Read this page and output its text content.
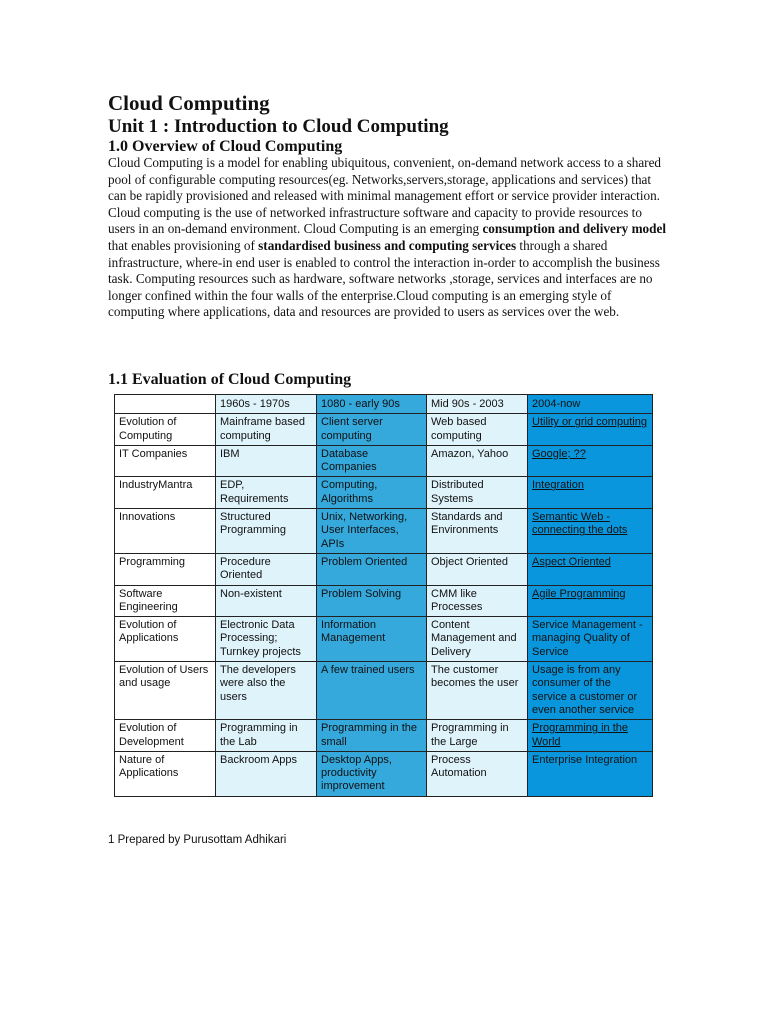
Cloud Computing
Unit 1 : Introduction to Cloud Computing
1.0 Overview of Cloud Computing

Cloud Computing is a model for enabling ubiquitous, convenient, on-demand network access to a shared pool of configurable computing resources(eg. Networks,servers,storage, applications and services) that can be rapidly provisioned and released with minimal management effort or service provider interaction. Cloud computing is the use of networked infrastructure software and capacity to provide resources to users in an on-demand environment. Cloud Computing is an emerging consumption and delivery model that enables provisioning of standardised business and computing services through a shared infrastructure, where-in end user is enabled to control the interaction in-order to accomplish the business task. Computing resources such as hardware, software networks ,storage, services and interfaces are no longer confined within the four walls of the enterprise.Cloud computing is an emerging style of computing where applications, data and resources are provided to users as services over the web.

1.1 Evaluation of Cloud Computing
	1960s - 1970s	1080 - early 90s	Mid 90s - 2003	2004-now
Evolution of Computing	Mainframe based computing	Client server computing	Web based computing	Utility or grid computing
IT Companies	IBM	Database Companies	Amazon, Yahoo	Google; ??
IndustryMantra	EDP, Requirements	Computing, Algorithms	Distributed Systems	Integration
Innovations	Structured Programming	Unix, Networking, User Interfaces, APIs	Standards and Environments	Semantic Web - connecting the dots
Programming	Procedure Oriented	Problem Oriented	Object Oriented	Aspect Oriented
Software Engineering	Non-existent	Problem Solving	CMM like Processes	Agile Programming
Evolution of Applications	Electronic Data Processing; Turnkey projects	Information Management	Content Management and Delivery	Service Management - managing Quality of Service
Evolution of Users and usage	The developers were also the users	A few trained users	The customer becomes the user	Usage is from any consumer of the service a customer or even another service
Evolution of Development	Programming in the Lab	Programming in the small	Programming in the Large	Programming in the World
Nature of Applications	Backroom Apps	Desktop Apps, productivity improvement	Process Automation	Enterprise Integration

1 Prepared by Purusottam Adhikari
